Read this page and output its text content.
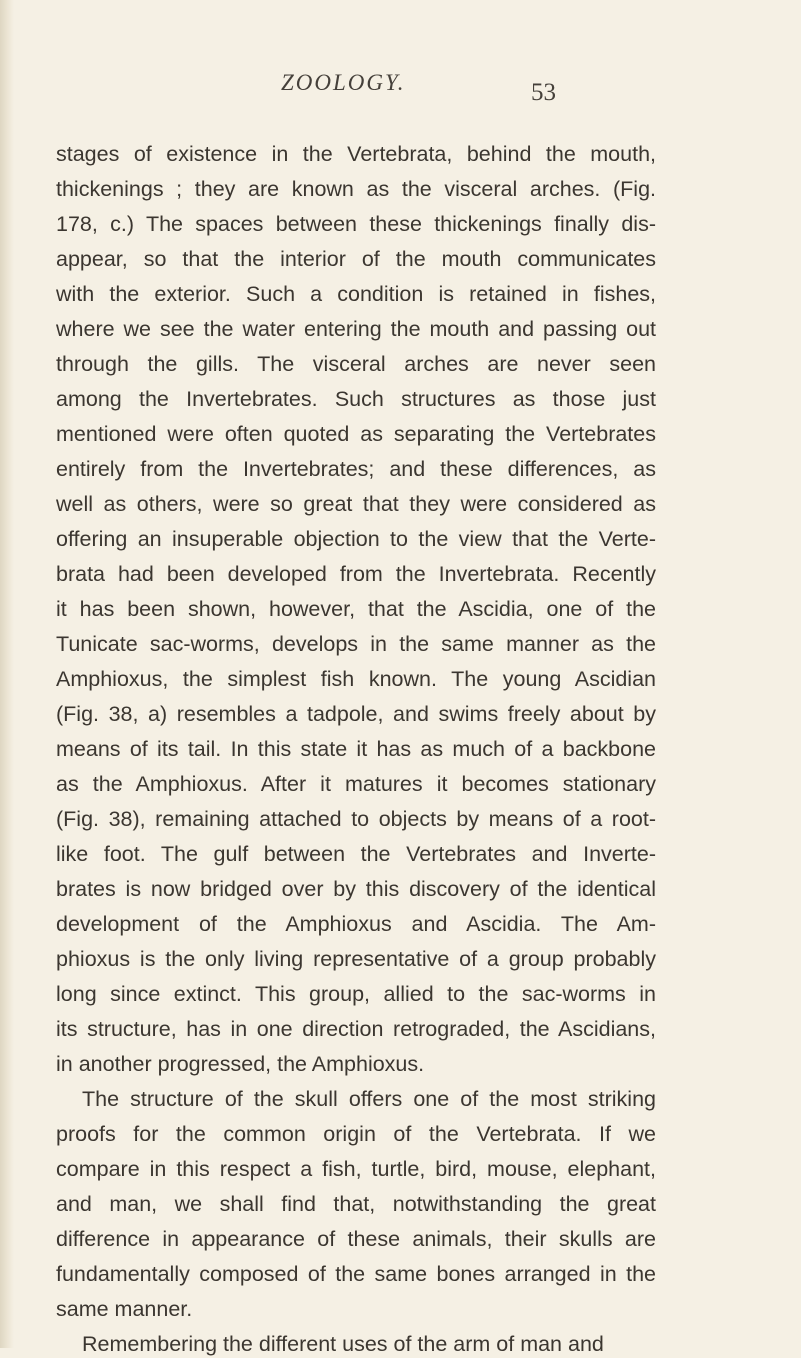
ZOOLOGY.	53
stages of existence in the Vertebrata, behind the mouth,
thickenings ; they are known as the visceral arches. (Fig.
178, c.) The spaces between these thickenings finally dis-
appear, so that the interior of the mouth communicates
with the exterior. Such a condition is retained in fishes,
where we see the water entering the mouth and passing out
through the gills. The visceral arches are never seen
among the Invertebrates. Such structures as those just
mentioned were often quoted as separating the Vertebrates
entirely from the Invertebrates; and these differences, as
well as others, were so great that they were considered as
offering an insuperable objection to the view that the Verte-
brata had been developed from the Invertebrata. Recently
it has been shown, however, that the Ascidia, one of the
Tunicate sac-worms, develops in the same manner as the
Amphioxus, the simplest fish known. The young Ascidian
(Fig. 38, a) resembles a tadpole, and swims freely about by
means of its tail. In this state it has as much of a backbone
as the Amphioxus. After it matures it becomes stationary
(Fig. 38), remaining attached to objects by means of a root-
like foot. The gulf between the Vertebrates and Inverte-
brates is now bridged over by this discovery of the identical
development of the Amphioxus and Ascidia. The Am-
phioxus is the only living representative of a group probably
long since extinct. This group, allied to the sac-worms in
its structure, has in one direction retrograded, the Ascidians,
in another progressed, the Amphioxus.
The structure of the skull offers one of the most striking
proofs for the common origin of the Vertebrata. If we
compare in this respect a fish, turtle, bird, mouse, elephant,
and man, we shall find that, notwithstanding the great
difference in appearance of these animals, their skulls are
fundamentally composed of the same bones arranged in the
same manner.
Remembering the different uses of the arm of man and
